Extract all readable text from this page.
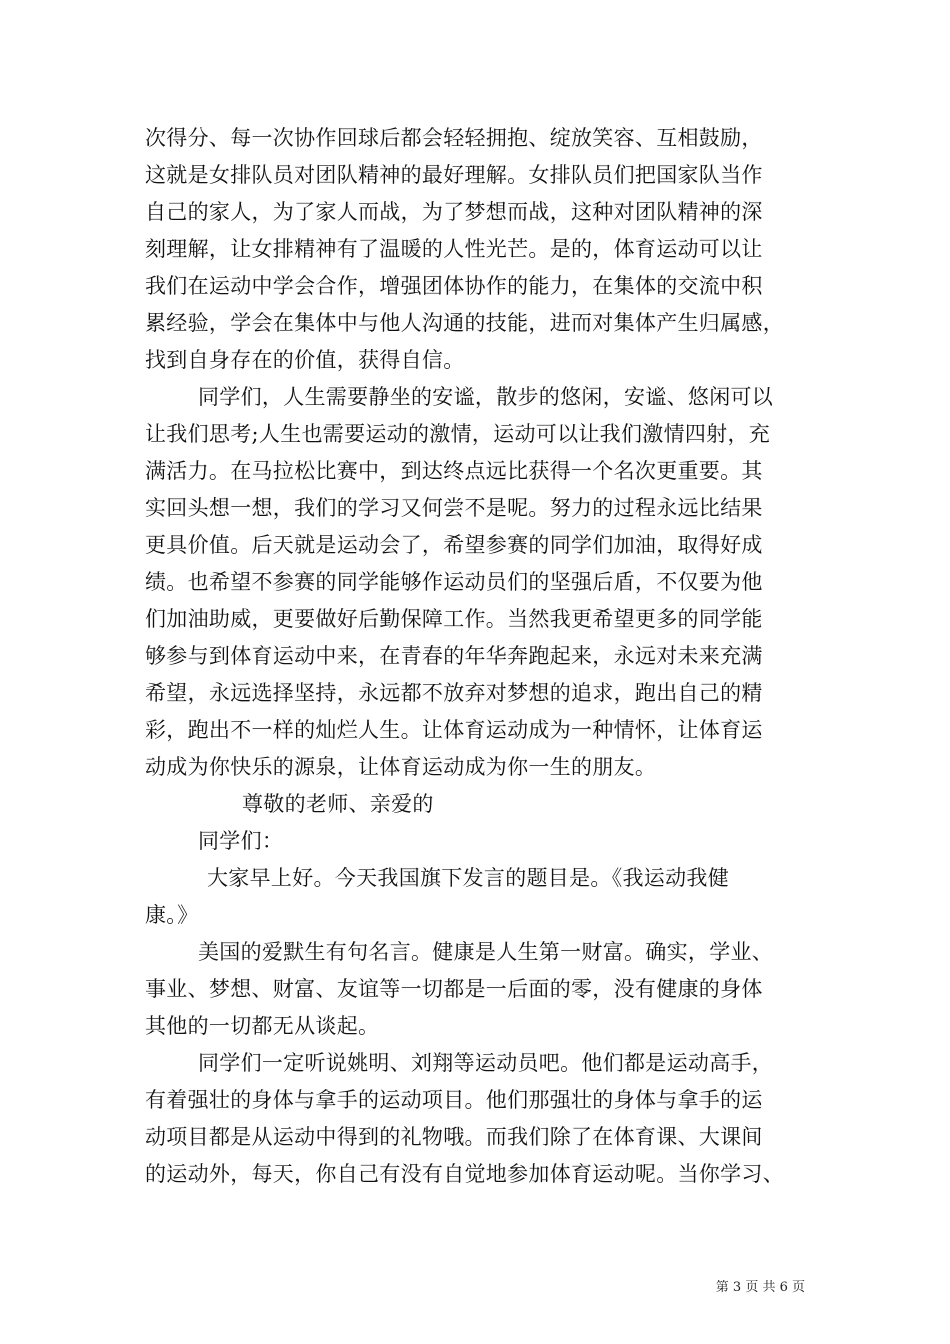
次得分、每一次协作回球后都会轻轻拥抱、绽放笑容、互相鼓励，
这就是女排队员对团队精神的最好理解。女排队员们把国家队当作
自己的家人，为了家人而战，为了梦想而战，这种对团队精神的深
刻理解，让女排精神有了温暖的人性光芒。是的，体育运动可以让
我们在运动中学会合作，增强团体协作的能力，在集体的交流中积
累经验，学会在集体中与他人沟通的技能，进而对集体产生归属感，
找到自身存在的价值，获得自信。
同学们，人生需要静坐的安谧，散步的悠闲，安谧、悠闲可以
让我们思考;人生也需要运动的激情，运动可以让我们激情四射，充
满活力。在马拉松比赛中，到达终点远比获得一个名次更重要。其
实回头想一想，我们的学习又何尝不是呢。努力的过程永远比结果
更具价值。后天就是运动会了，希望参赛的同学们加油，取得好成
绩。也希望不参赛的同学能够作运动员们的坚强后盾，不仅要为他
们加油助威，更要做好后勤保障工作。当然我更希望更多的同学能
够参与到体育运动中来，在青春的年华奔跑起来，永远对未来充满
希望，永远选择坚持，永远都不放弃对梦想的追求，跑出自己的精
彩，跑出不一样的灿烂人生。让体育运动成为一种情怀，让体育运
动成为你快乐的源泉，让体育运动成为你一生的朋友。
尊敬的老师、亲爱的
同学们：
大家早上好。今天我国旗下发言的题目是。《我运动我健
康。》
美国的爱默生有句名言。健康是人生第一财富。确实，学业、
事业、梦想、财富、友谊等一切都是一后面的零，没有健康的身体
其他的一切都无从谈起。
同学们一定听说姚明、刘翔等运动员吧。他们都是运动高手，
有着强壮的身体与拿手的运动项目。他们那强壮的身体与拿手的运
动项目都是从运动中得到的礼物哦。而我们除了在体育课、大课间
的运动外，每天，你自己有没有自觉地参加体育运动呢。当你学习、
第 3 页 共 6 页
